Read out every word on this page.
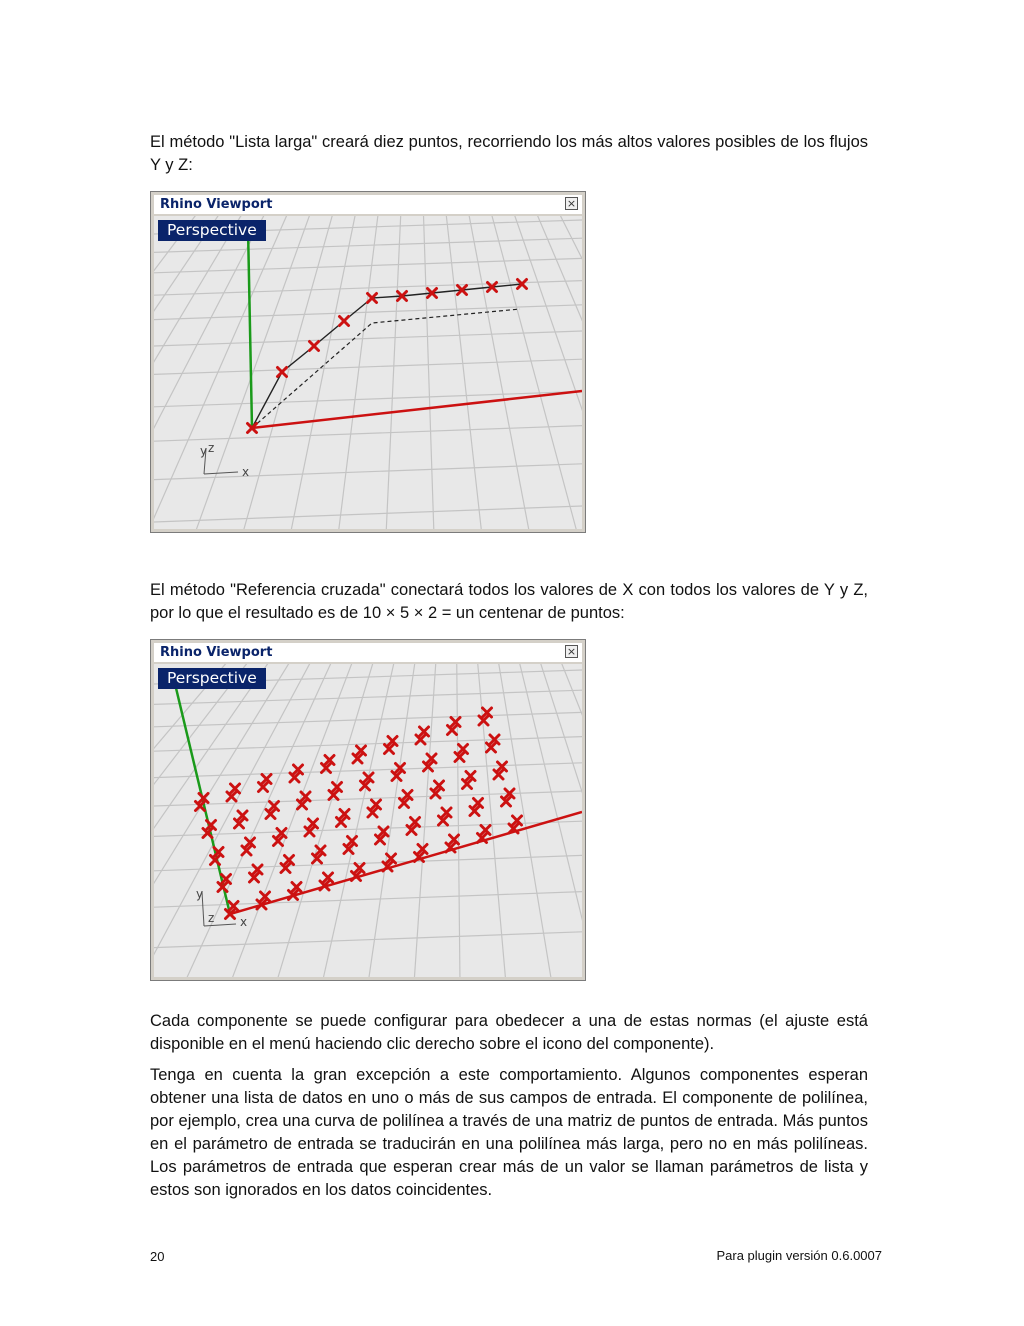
El método "Lista larga" creará diez puntos, recorriendo los más altos valores posibles de los flujos Y y Z:

Rhino Viewport	×
y z
x
Perspective

El método "Referencia cruzada" conectará todos los valores de X con todos los valores de Y y Z, por lo que el resultado es de 10 × 5 × 2 = un centenar de puntos:

Rhino Viewport	×
y
z x
Perspective

Cada componente se puede configurar para obedecer a una de estas normas (el ajuste está disponible en el menú haciendo clic derecho sobre el icono del componente).

Tenga en cuenta la gran excepción a este comportamiento. Algunos componentes esperan obtener una lista de datos en uno o más de sus campos de entrada. El componente de polilínea, por ejemplo, crea una curva de polilínea a través de una matriz de puntos de entrada. Más puntos en el parámetro de entrada se traducirán en una polilínea más larga, pero no en más polilíneas. Los parámetros de entrada que esperan crear más de un valor se llaman parámetros de lista y estos son ignorados en los datos coincidentes.

20	Para plugin versión 0.6.0007
